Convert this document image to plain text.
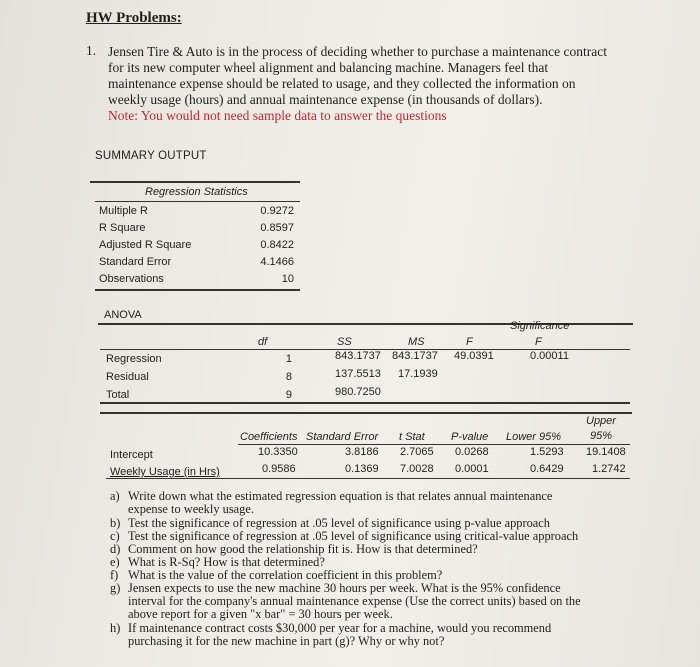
HW Problems:
1. Jensen Tire & Auto is in the process of deciding whether to purchase a maintenance contract
for its new computer wheel alignment and balancing machine. Managers feel that
maintenance expense should be related to usage, and they collected the information on
weekly usage (hours) and annual maintenance expense (in thousands of dollars).
Note: You would not need sample data to answer the questions
SUMMARY OUTPUT
Regression Statistics
Multiple R	0.9272
R Square	0.8597
Adjusted R Square	0.8422
Standard Error	4.1466
Observations	10
ANOVA
df	SS	MS	F
Significance
F
Regression	1	843.1737 843.1737 49.0391	0.00011
Residual	8	137.5513 17.1939
Total	9	980.7250
Coefficients Standard Error t Stat P-value Lower 95%
Upper
95%
Intercept	10.3350	3.8186 2.7065 0.0268	1.5293 19.1408
Weekly Usage (in Hrs)	0.9586	0.1369 7.0028 0.0001	0.6429	1.2742
a) Write down what the estimated regression equation is that relates annual maintenance
expense to weekly usage.
b) Test the significance of regression at .05 level of significance using p-value approach
c) Test the significance of regression at .05 level of significance using critical-value approach
d) Comment on how good the relationship fit is. How is that determined?
e) What is R-Sq? How is that determined?
f) What is the value of the correlation coefficient in this problem?
g) Jensen expects to use the new machine 30 hours per week. What is the 95% confidence
interval for the company's annual maintenance expense (Use the correct units) based on the
above report for a given "x bar" = 30 hours per week.
h) If maintenance contract costs $30,000 per year for a machine, would you recommend
purchasing it for the new machine in part (g)? Why or why not?
